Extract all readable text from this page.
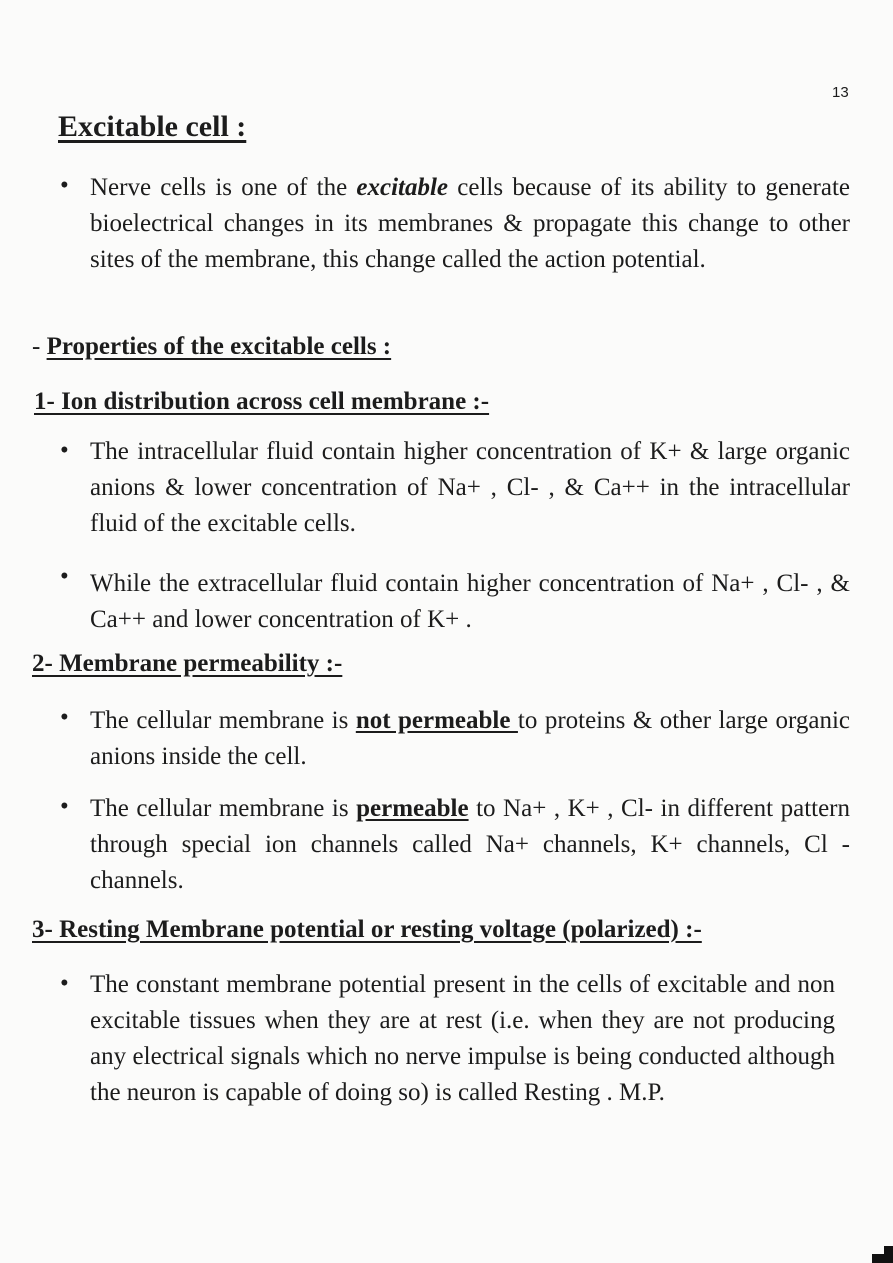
13
Excitable cell :
• Nerve cells is one of the excitable cells because of its ability to generate bioelectrical changes in its membranes & propagate this change to other sites of the membrane, this change called the action potential.
- Properties of the excitable cells :
1- Ion distribution across cell membrane :-
• The intracellular fluid contain higher concentration of K+ & large organic anions & lower concentration of Na+ , Cl- , & Ca++ in the intracellular fluid of the excitable cells.
• While the extracellular fluid contain higher concentration of Na+ , Cl- , & Ca++ and lower concentration of K+ .
2- Membrane permeability :-
• The cellular membrane is not permeable to proteins & other large organic anions inside the cell.
• The cellular membrane is permeable to Na+ , K+ , Cl- in different pattern through special ion channels called Na+ channels, K+ channels, Cl - channels.
3- Resting Membrane potential or resting voltage (polarized) :-
• The constant membrane potential present in the cells of excitable and non excitable tissues when they are at rest (i.e. when they are not producing any electrical signals which no nerve impulse is being conducted although the neuron is capable of doing so) is called Resting . M.P.
